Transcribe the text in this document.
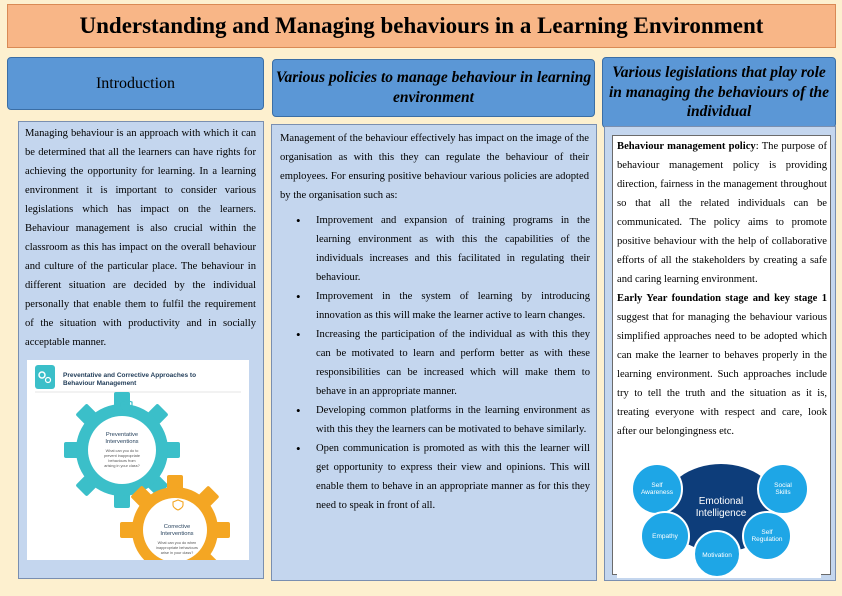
Understanding and Managing behaviours in a Learning Environment
Introduction	Various policies to manage behaviour in learning environment
Various legislations that play role in managing the behaviours of the individual

Managing behaviour is an approach with which it can be determined that all the learners can have rights for achieving the opportunity for learning. In a learning environment it is important to consider various legislations which has impact on the learners. Behaviour management is also crucial within the classroom as this has impact on the overall behaviour and culture of the particular place. The behaviour in different situation are decided by the individual personally that enable them to fulfil the requirement of the situation with productivity and in socially acceptable manner.

Preventative and Corrective Approaches to
Behaviour Management
Preventative
Interventions
What can you do to
prevent inappropriate
behaviours from
arising in your class?
Corrective
Interventions
What can you do when
inappropriate behaviours
arise in your class?

Management of the behaviour effectively has impact on the image of the organisation as with this they can regulate the behaviour of their employees. For ensuring positive behaviour various policies are adopted by the organisation such as:

• Improvement and expansion of training programs in the learning environment as with this the capabilities of the individuals increases and this facilitated in regulating their behaviour.
• Improvement in the system of learning by introducing innovation as this will make the learner active to learn changes.
• Increasing the participation of the individual as with this they can be motivated to learn and perform better as with these responsibilities can be increased which will make them to behave in an appropriate manner.
• Developing common platforms in the learning environment as with this they the learners can be motivated to behave similarly.
• Open communication is promoted as with this the learner will get opportunity to express their view and opinions. This will enable them to behave in an appropriate manner as for this they need to speak in front of all.

Behaviour management policy: The purpose of behaviour management policy is providing direction, fairness in the management throughout so that all the related individuals can be communicated. The policy aims to promote positive behaviour with the help of collaborative efforts of all the stakeholders by creating a safe and caring learning environment.
Early Year foundation stage and key stage 1 suggest that for managing the behaviour various simplified approaches need to be adopted which can make the learner to behaves properly in the learning environment. Such approaches include try to tell the truth and the situation as it is, treating everyone with respect and care, look after our belongingness etc.

Emotional
Intelligence
Self
Awareness
Social
Skills
Empathy
Self
Regulation
Motivation
